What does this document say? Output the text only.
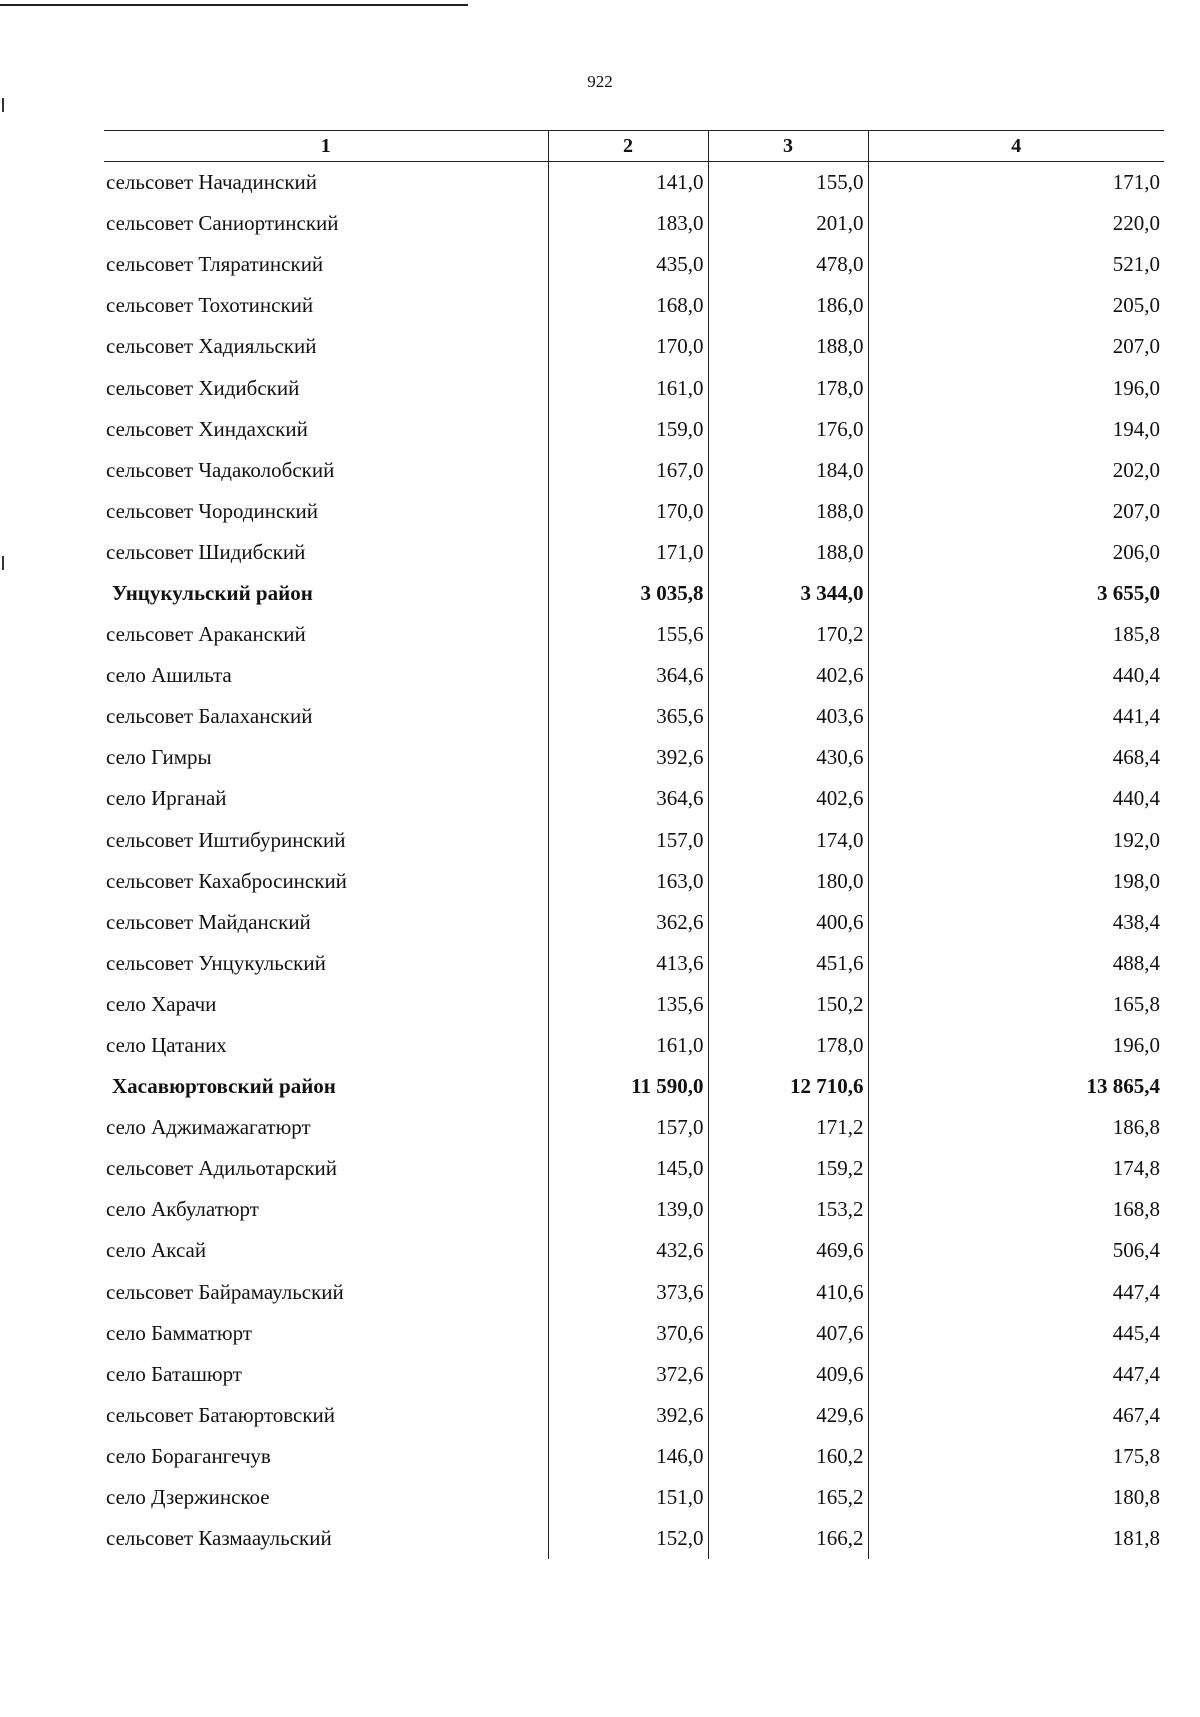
922
1	2	3	4
сельсовет Начадинский	141,0	155,0	171,0
сельсовет Саниортинский	183,0	201,0	220,0
сельсовет Тляратинский	435,0	478,0	521,0
сельсовет Тохотинский	168,0	186,0	205,0
сельсовет Хадияльский	170,0	188,0	207,0
сельсовет Хидибский	161,0	178,0	196,0
сельсовет Хиндахский	159,0	176,0	194,0
сельсовет Чадаколобский	167,0	184,0	202,0
сельсовет Чородинский	170,0	188,0	207,0
сельсовет Шидибский	171,0	188,0	206,0
Унцукульский район	3 035,8	3 344,0	3 655,0
сельсовет Араканский	155,6	170,2	185,8
село Ашильта	364,6	402,6	440,4
сельсовет Балаханский	365,6	403,6	441,4
село Гимры	392,6	430,6	468,4
село Ирганай	364,6	402,6	440,4
сельсовет Иштибуринский	157,0	174,0	192,0
сельсовет Кахабросинский	163,0	180,0	198,0
сельсовет Майданский	362,6	400,6	438,4
сельсовет Унцукульский	413,6	451,6	488,4
село Харачи	135,6	150,2	165,8
село Цатаних	161,0	178,0	196,0
Хасавюртовский район	11 590,0	12 710,6	13 865,4
село Аджимажагатюрт	157,0	171,2	186,8
сельсовет Адильотарский	145,0	159,2	174,8
село Акбулатюрт	139,0	153,2	168,8
село Аксай	432,6	469,6	506,4
сельсовет Байрамаульский	373,6	410,6	447,4
село Бамматюрт	370,6	407,6	445,4
село Баташюрт	372,6	409,6	447,4
сельсовет Батаюртовский	392,6	429,6	467,4
село Борагангечув	146,0	160,2	175,8
село Дзержинское	151,0	165,2	180,8
сельсовет Казмааульский	152,0	166,2	181,8
